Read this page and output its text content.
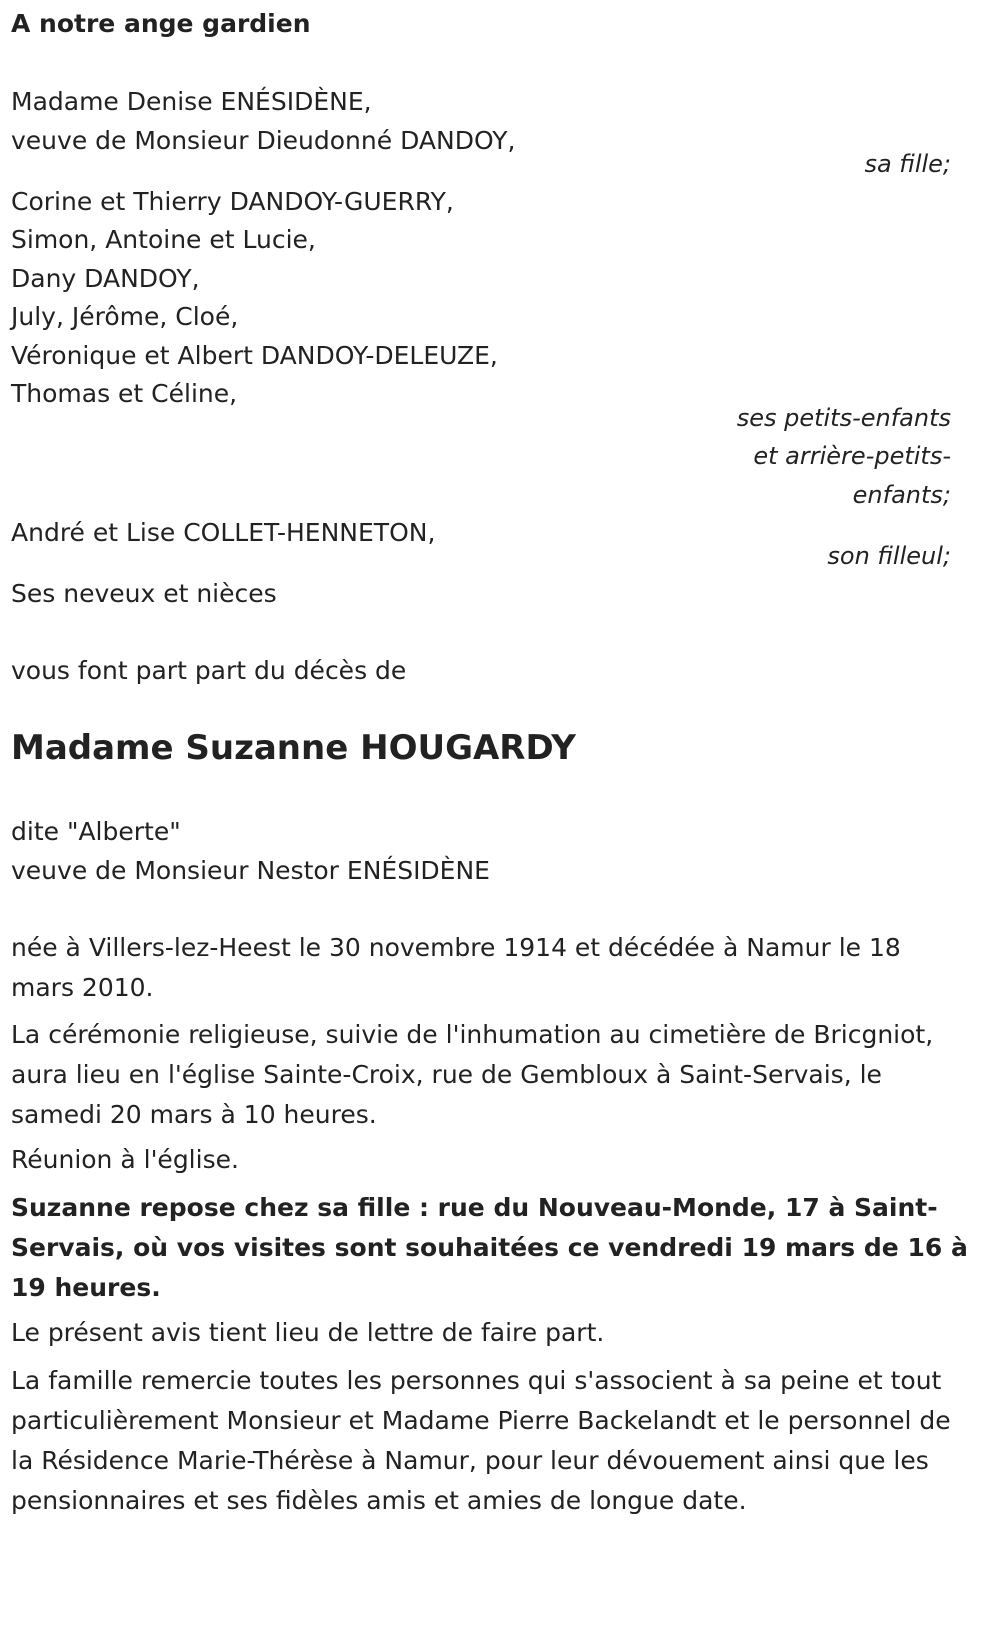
A notre ange gardien
Madame Denise ENÉSIDÈNE,
veuve de Monsieur Dieudonné DANDOY,
sa fille;
Corine et Thierry DANDOY-GUERRY,
Simon, Antoine et Lucie,
Dany DANDOY,
July, Jérôme, Cloé,
Véronique et Albert DANDOY-DELEUZE,
Thomas et Céline,
ses petits-enfants
et arrière-petits-
enfants;
André et Lise COLLET-HENNETON,
son filleul;
Ses neveux et nièces
vous font part part du décès de
Madame Suzanne HOUGARDY
dite "Alberte"
veuve de Monsieur Nestor ENÉSIDÈNE
née à Villers-lez-Heest le 30 novembre 1914 et décédée à Namur le 18 mars 2010.
La cérémonie religieuse, suivie de l'inhumation au cimetière de Bricgniot, aura lieu en l'église Sainte-Croix, rue de Gembloux à Saint-Servais, le samedi 20 mars à 10 heures.
Réunion à l'église.
Suzanne repose chez sa fille : rue du Nouveau-Monde, 17 à Saint-Servais, où vos visites sont souhaitées ce vendredi 19 mars de 16 à 19 heures.
Le présent avis tient lieu de lettre de faire part.
La famille remercie toutes les personnes qui s'associent à sa peine et tout particulièrement Monsieur et Madame Pierre Backelandt et le personnel de la Résidence Marie-Thérèse à Namur, pour leur dévouement ainsi que les pensionnaires et ses fidèles amis et amies de longue date.
